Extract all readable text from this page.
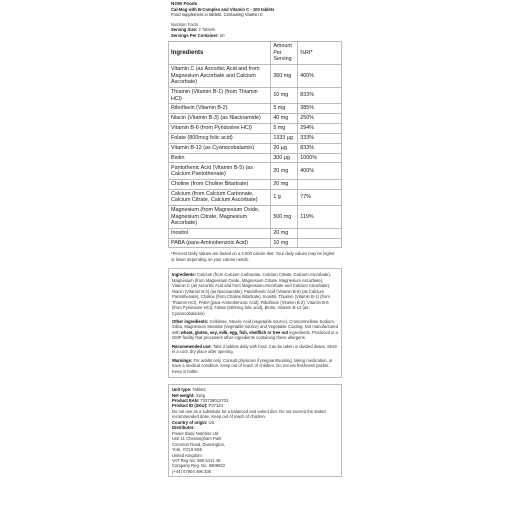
NOW Foods
Cal-Mag with B-Complex and Vitamin C - 100 tablets
Food supplement in tablets. Containing Vitamin C
Nutrition Facts
Serving Size: 2 Tablets
Servings Per Container: 50
Ingredients	Amount Per Serving	%RI*
Vitamin C (as Ascorbic Acid and from Magnesium Ascorbate and Calcium Ascorbate)	360 mg	400%
Thiamin (Vitamin B-1) (from Thiamin HCl)	10 mg	833%
Riboflavin (Vitamin B-2)	5 mg	385%
Niacin (Vitamin B-3) (as Niacinamide)	40 mg	250%
Vitamin B-6 (from Pyridoxine HCl)	5 mg	294%
Folate (800mcg folic acid)	1333 µg	333%
Vitamin B-12 (as Cyanocobalamin)	20 µg	833%
Biotin	300 µg	1000%
Pantothenic Acid (Vitamin B-5) (as Calcium Pantothenate)	20 mg	400%
Choline (from Choline Bitartrate)	20 mg	
Calcium (from Calcium Carbonate, Calcium Citrate, Calcium Ascorbate)	1 g	77%
Magnesium (from Magnesium Oxide, Magnesium Citrate, Magnesium Ascorbate)	500 mg	119%
Inositol	20 mg	
PABA (para-Aminobenzoic Acid)	10 mg	
*Percent Daily Values are based on a 2,000 calorie diet. Your daily values may be higher or lower depending on your calorie needs.

Ingredients: Calcium (from Calcium Carbonate, Calcium Citrate, Calcium Ascorbate), Magnesium (from Magnesium Oxide, Magnesium Citrate, Magnesium Ascorbate), Vitamin C (as Ascorbic Acid and from Magnesium Ascorbate and Calcium Ascorbate), Niacin (Vitamin B-3) (as Niacinamide), Pantothenic Acid (Vitamin B-5) (as Calcium Pantothenate), Choline (from Choline Bitartrate), Inositol, Thiamin (Vitamin B-1) (from Thiamin HCl), PABA (para-Aminobenzoic Acid), Riboflavin (Vitamin B-2), Vitamin B-6 (from Pyridoxine HCl), Folate (800mcg folic acid), Biotin, Vitamin B-12 (as Cyanocobalamin)

Other ingredients: Cellulose, Stearic Acid (vegetable source), Croscarmellose Sodium, Silica, Magnesium Stearate (vegetable source) and Vegetable Coating. Not manufactured with wheat, gluten, soy, milk, egg, fish, shellfish or tree nut ingredients. Produced in a GMP facility that processes other ingredients containing these allergens.

Recommended use: Take 2 tablets daily with food. Can be taken in divided doses. Store in a cool, dry place after opening.

Warnings: For adults only. Consult physician if pregnant/nursing, taking medication, or have a medical condition. Keep out of reach of children. Do not eat freshness packet. Keep in bottle.

Unit type: Tablets
Net weight: 316g
Product EAN: 733739012703
Product ID (SKU): P27143
Do not use as a substitute for a balanced and varied diet. Do not exceed the stated recommended dose. Keep out of reach of children.
Country of origin: US
Distributor:
Power Body Nutrition Ltd
Unit 11 Chessingham Park
Common Road, Dunnington,
York, YO19 5SE
United Kingdom
VAT Reg No: 960 5412 48
Company Reg. No. 6909822
(+44) 07904 496 336
